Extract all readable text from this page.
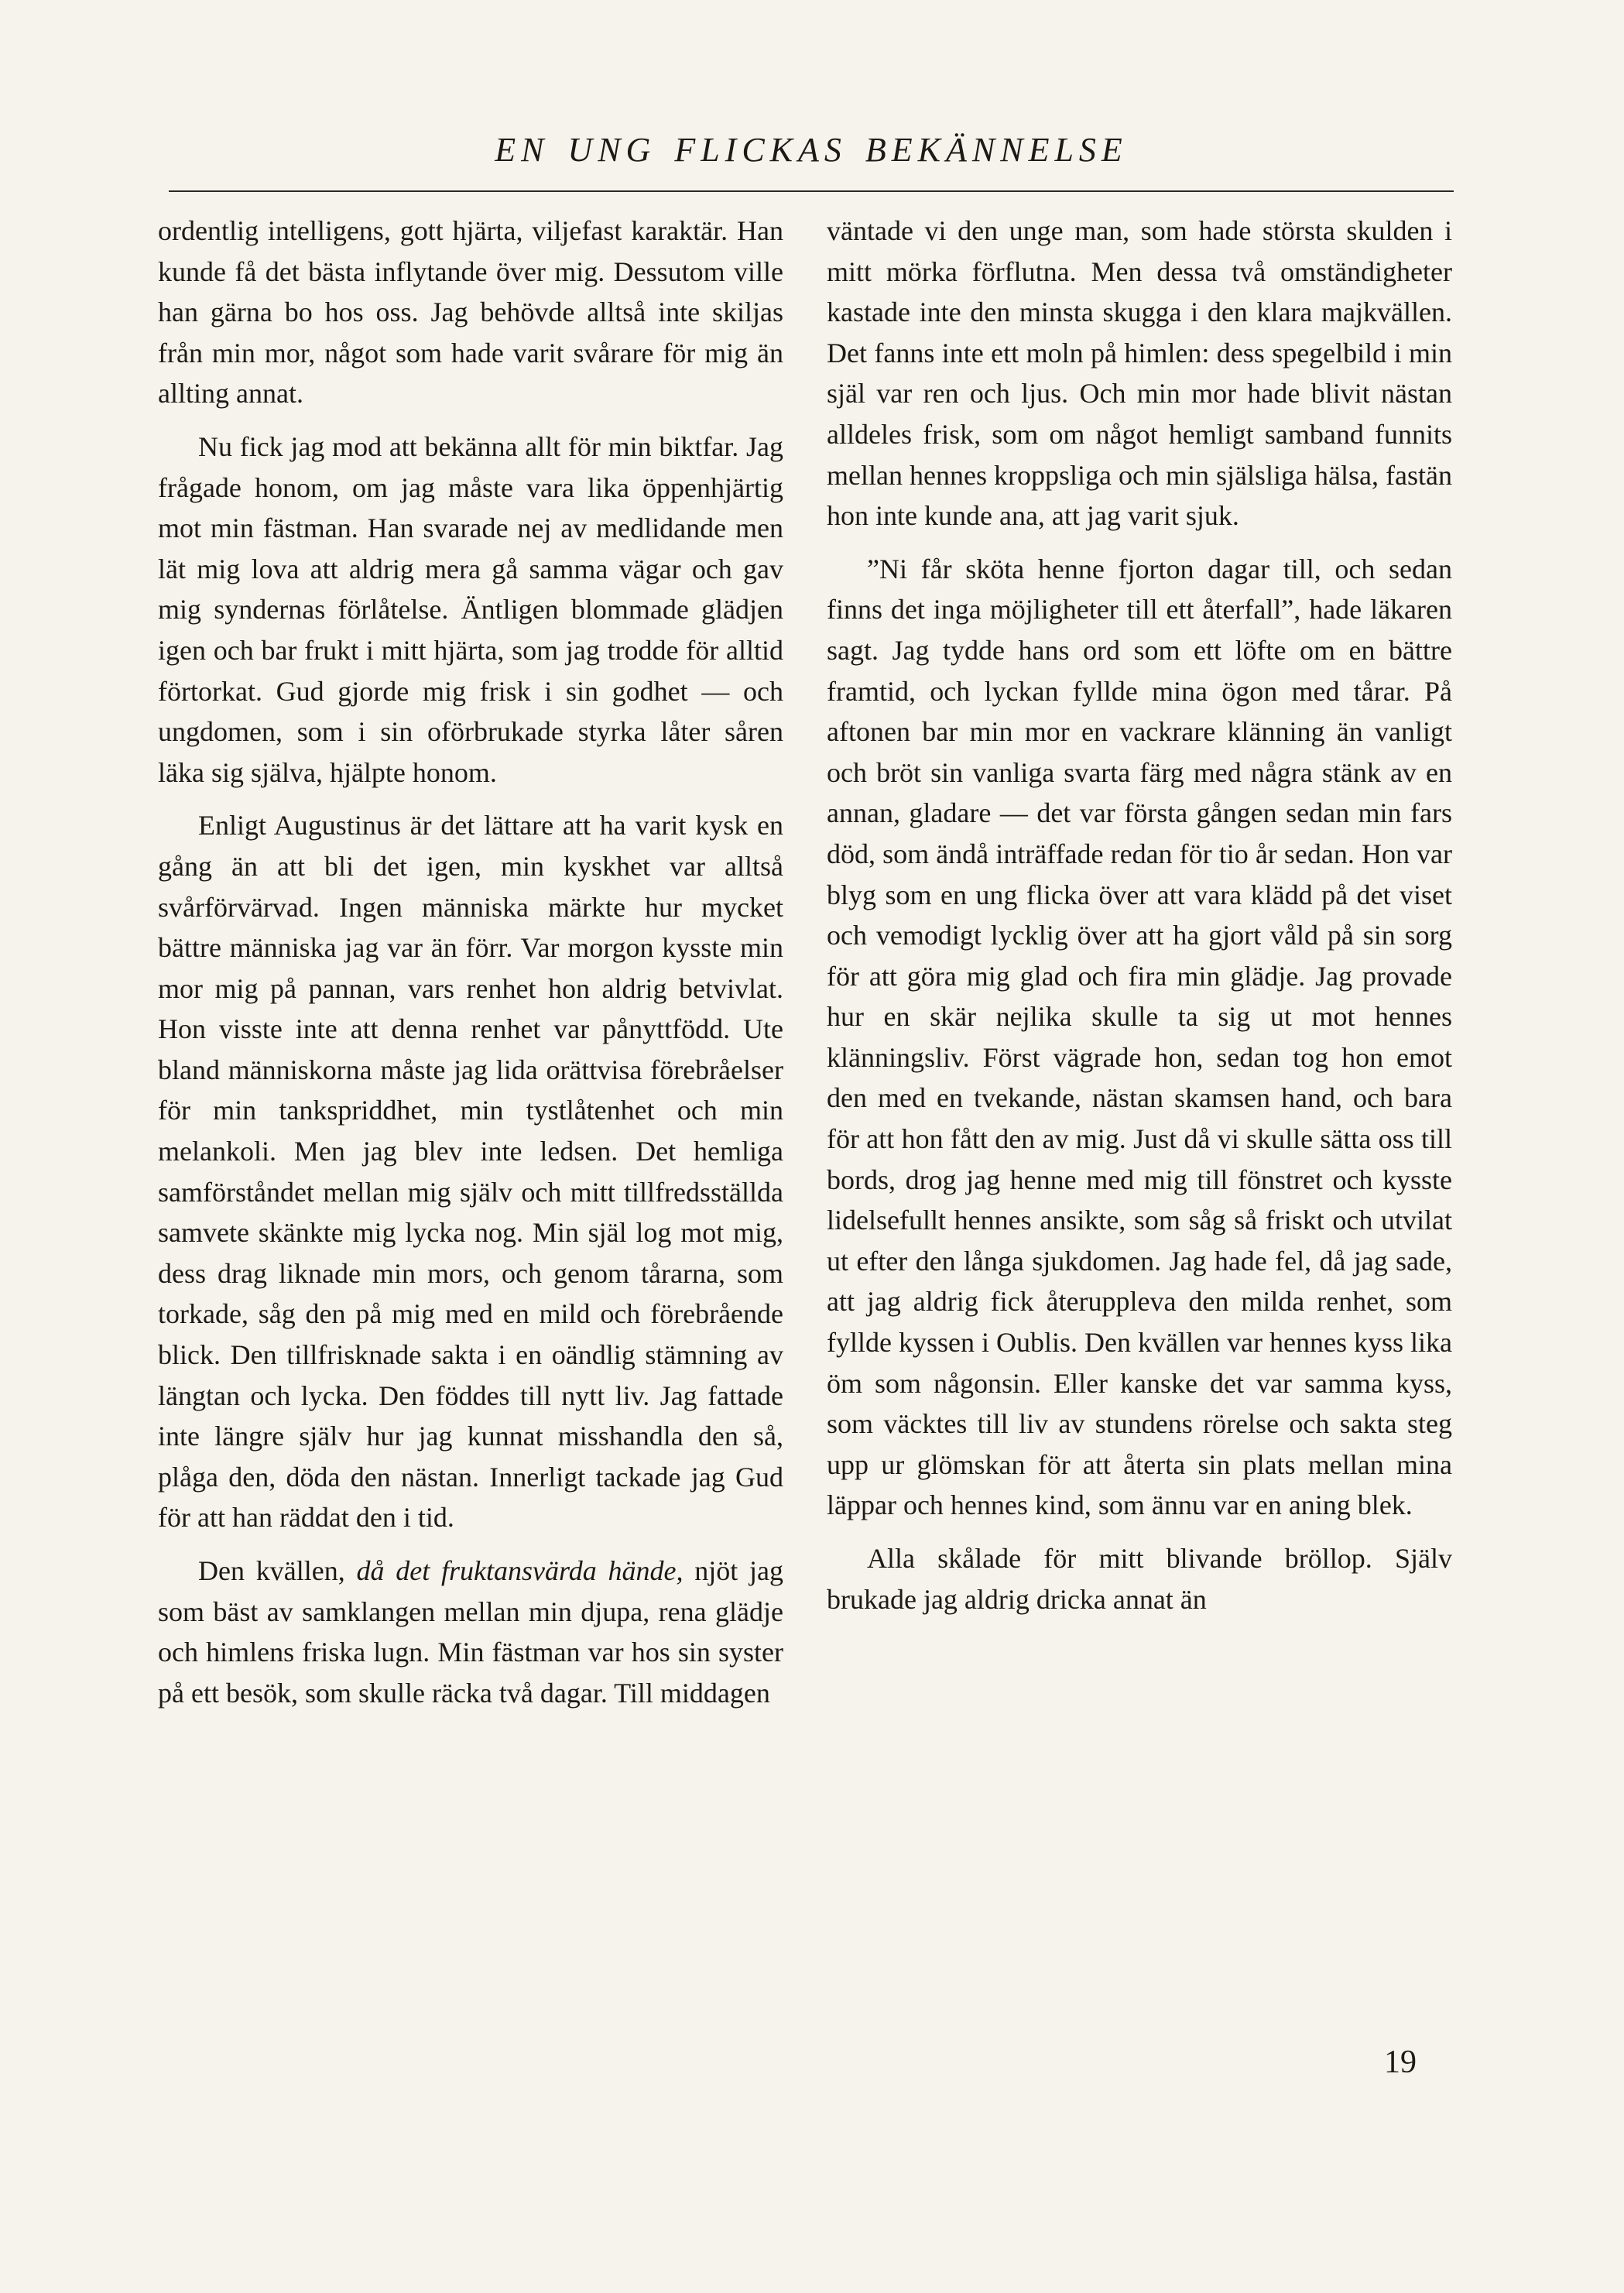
EN UNG FLICKAS BEKÄNNELSE

ordentlig intelligens, gott hjärta, viljefast karaktär. Han kunde få det bästa inflytande över mig. Dessutom ville han gärna bo hos oss. Jag behövde alltså inte skiljas från min mor, något som hade varit svårare för mig än allting annat.

Nu fick jag mod att bekänna allt för min biktfar. Jag frågade honom, om jag måste vara lika öppenhjärtig mot min fästman. Han svarade nej av medlidande men lät mig lova att aldrig mera gå samma vägar och gav mig syndernas förlåtelse. Äntligen blommade glädjen igen och bar frukt i mitt hjärta, som jag trodde för alltid förtorkat. Gud gjorde mig frisk i sin godhet — och ungdomen, som i sin oförbrukade styrka låter såren läka sig själva, hjälpte honom.

Enligt Augustinus är det lättare att ha varit kysk en gång än att bli det igen, min kyskhet var alltså svårförvärvad. Ingen människa märkte hur mycket bättre människa jag var än förr. Var morgon kysste min mor mig på pannan, vars renhet hon aldrig betvivlat. Hon visste inte att denna renhet var pånyttfödd. Ute bland människorna måste jag lida orättvisa förebråelser för min tankspriddhet, min tystlåtenhet och min melankoli. Men jag blev inte ledsen. Det hemliga samförståndet mellan mig själv och mitt tillfredsställda samvete skänkte mig lycka nog. Min själ log mot mig, dess drag liknade min mors, och genom tårarna, som torkade, såg den på mig med en mild och förebrående blick. Den tillfrisknade sakta i en oändlig stämning av längtan och lycka. Den föddes till nytt liv. Jag fattade inte längre själv hur jag kunnat misshandla den så, plåga den, döda den nästan. Innerligt tackade jag Gud för att han räddat den i tid.

Den kvällen, då det fruktansvärda hände, njöt jag som bäst av samklangen mellan min djupa, rena glädje och himlens friska lugn. Min fästman var hos sin syster på ett besök, som skulle räcka två dagar. Till middagen

väntade vi den unge man, som hade största skulden i mitt mörka förflutna. Men dessa två omständigheter kastade inte den minsta skugga i den klara majkvällen. Det fanns inte ett moln på himlen: dess spegelbild i min själ var ren och ljus. Och min mor hade blivit nästan alldeles frisk, som om något hemligt samband funnits mellan hennes kroppsliga och min själsliga hälsa, fastän hon inte kunde ana, att jag varit sjuk.

”Ni får sköta henne fjorton dagar till, och sedan finns det inga möjligheter till ett återfall”, hade läkaren sagt. Jag tydde hans ord som ett löfte om en bättre framtid, och lyckan fyllde mina ögon med tårar. På aftonen bar min mor en vackrare klänning än vanligt och bröt sin vanliga svarta färg med några stänk av en annan, gladare — det var första gången sedan min fars död, som ändå inträffade redan för tio år sedan. Hon var blyg som en ung flicka över att vara klädd på det viset och vemodigt lycklig över att ha gjort våld på sin sorg för att göra mig glad och fira min glädje. Jag provade hur en skär nejlika skulle ta sig ut mot hennes klänningsliv. Först vägrade hon, sedan tog hon emot den med en tvekande, nästan skamsen hand, och bara för att hon fått den av mig. Just då vi skulle sätta oss till bords, drog jag henne med mig till fönstret och kysste lidelsefullt hennes ansikte, som såg så friskt och utvilat ut efter den långa sjukdomen. Jag hade fel, då jag sade, att jag aldrig fick återuppleva den milda renhet, som fyllde kyssen i Oublis. Den kvällen var hennes kyss lika öm som någonsin. Eller kanske det var samma kyss, som väcktes till liv av stundens rörelse och sakta steg upp ur glömskan för att återta sin plats mellan mina läppar och hennes kind, som ännu var en aning blek.

Alla skålade för mitt blivande bröllop. Själv brukade jag aldrig dricka annat än

19
